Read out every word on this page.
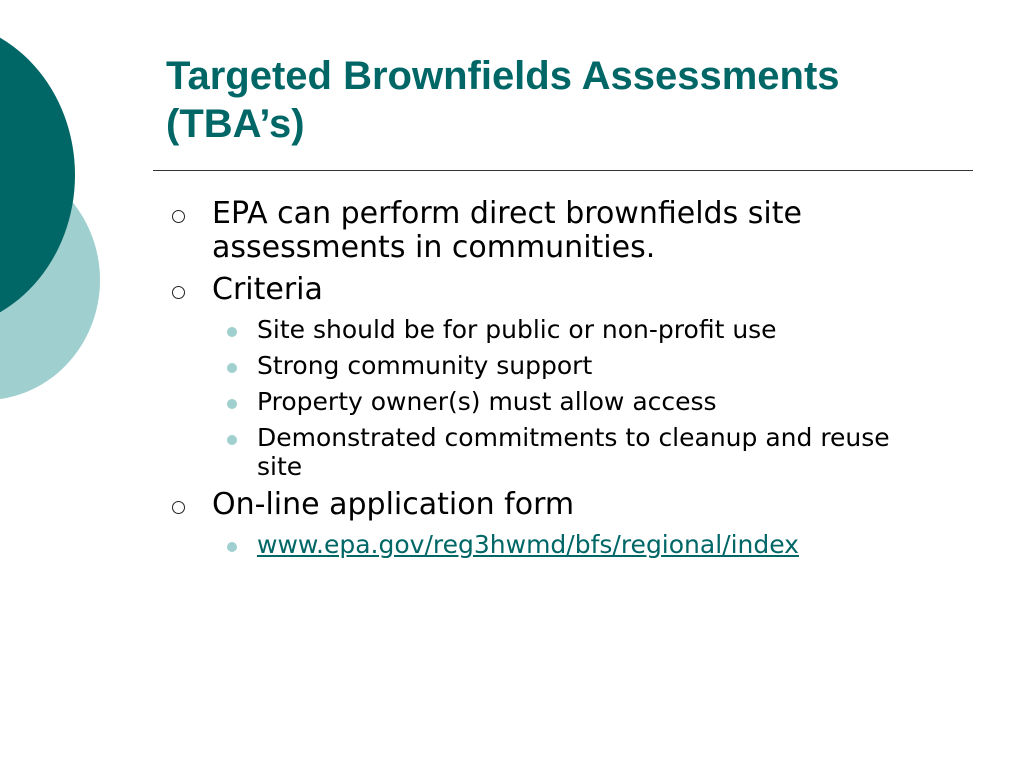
Targeted Brownfields Assessments (TBA’s)
EPA can perform direct brownfields site assessments in communities.
Criteria
Site should be for public or non-profit use
Strong community support
Property owner(s) must allow access
Demonstrated commitments to cleanup and reuse site
On-line application form
www.epa.gov/reg3hwmd/bfs/regional/index
